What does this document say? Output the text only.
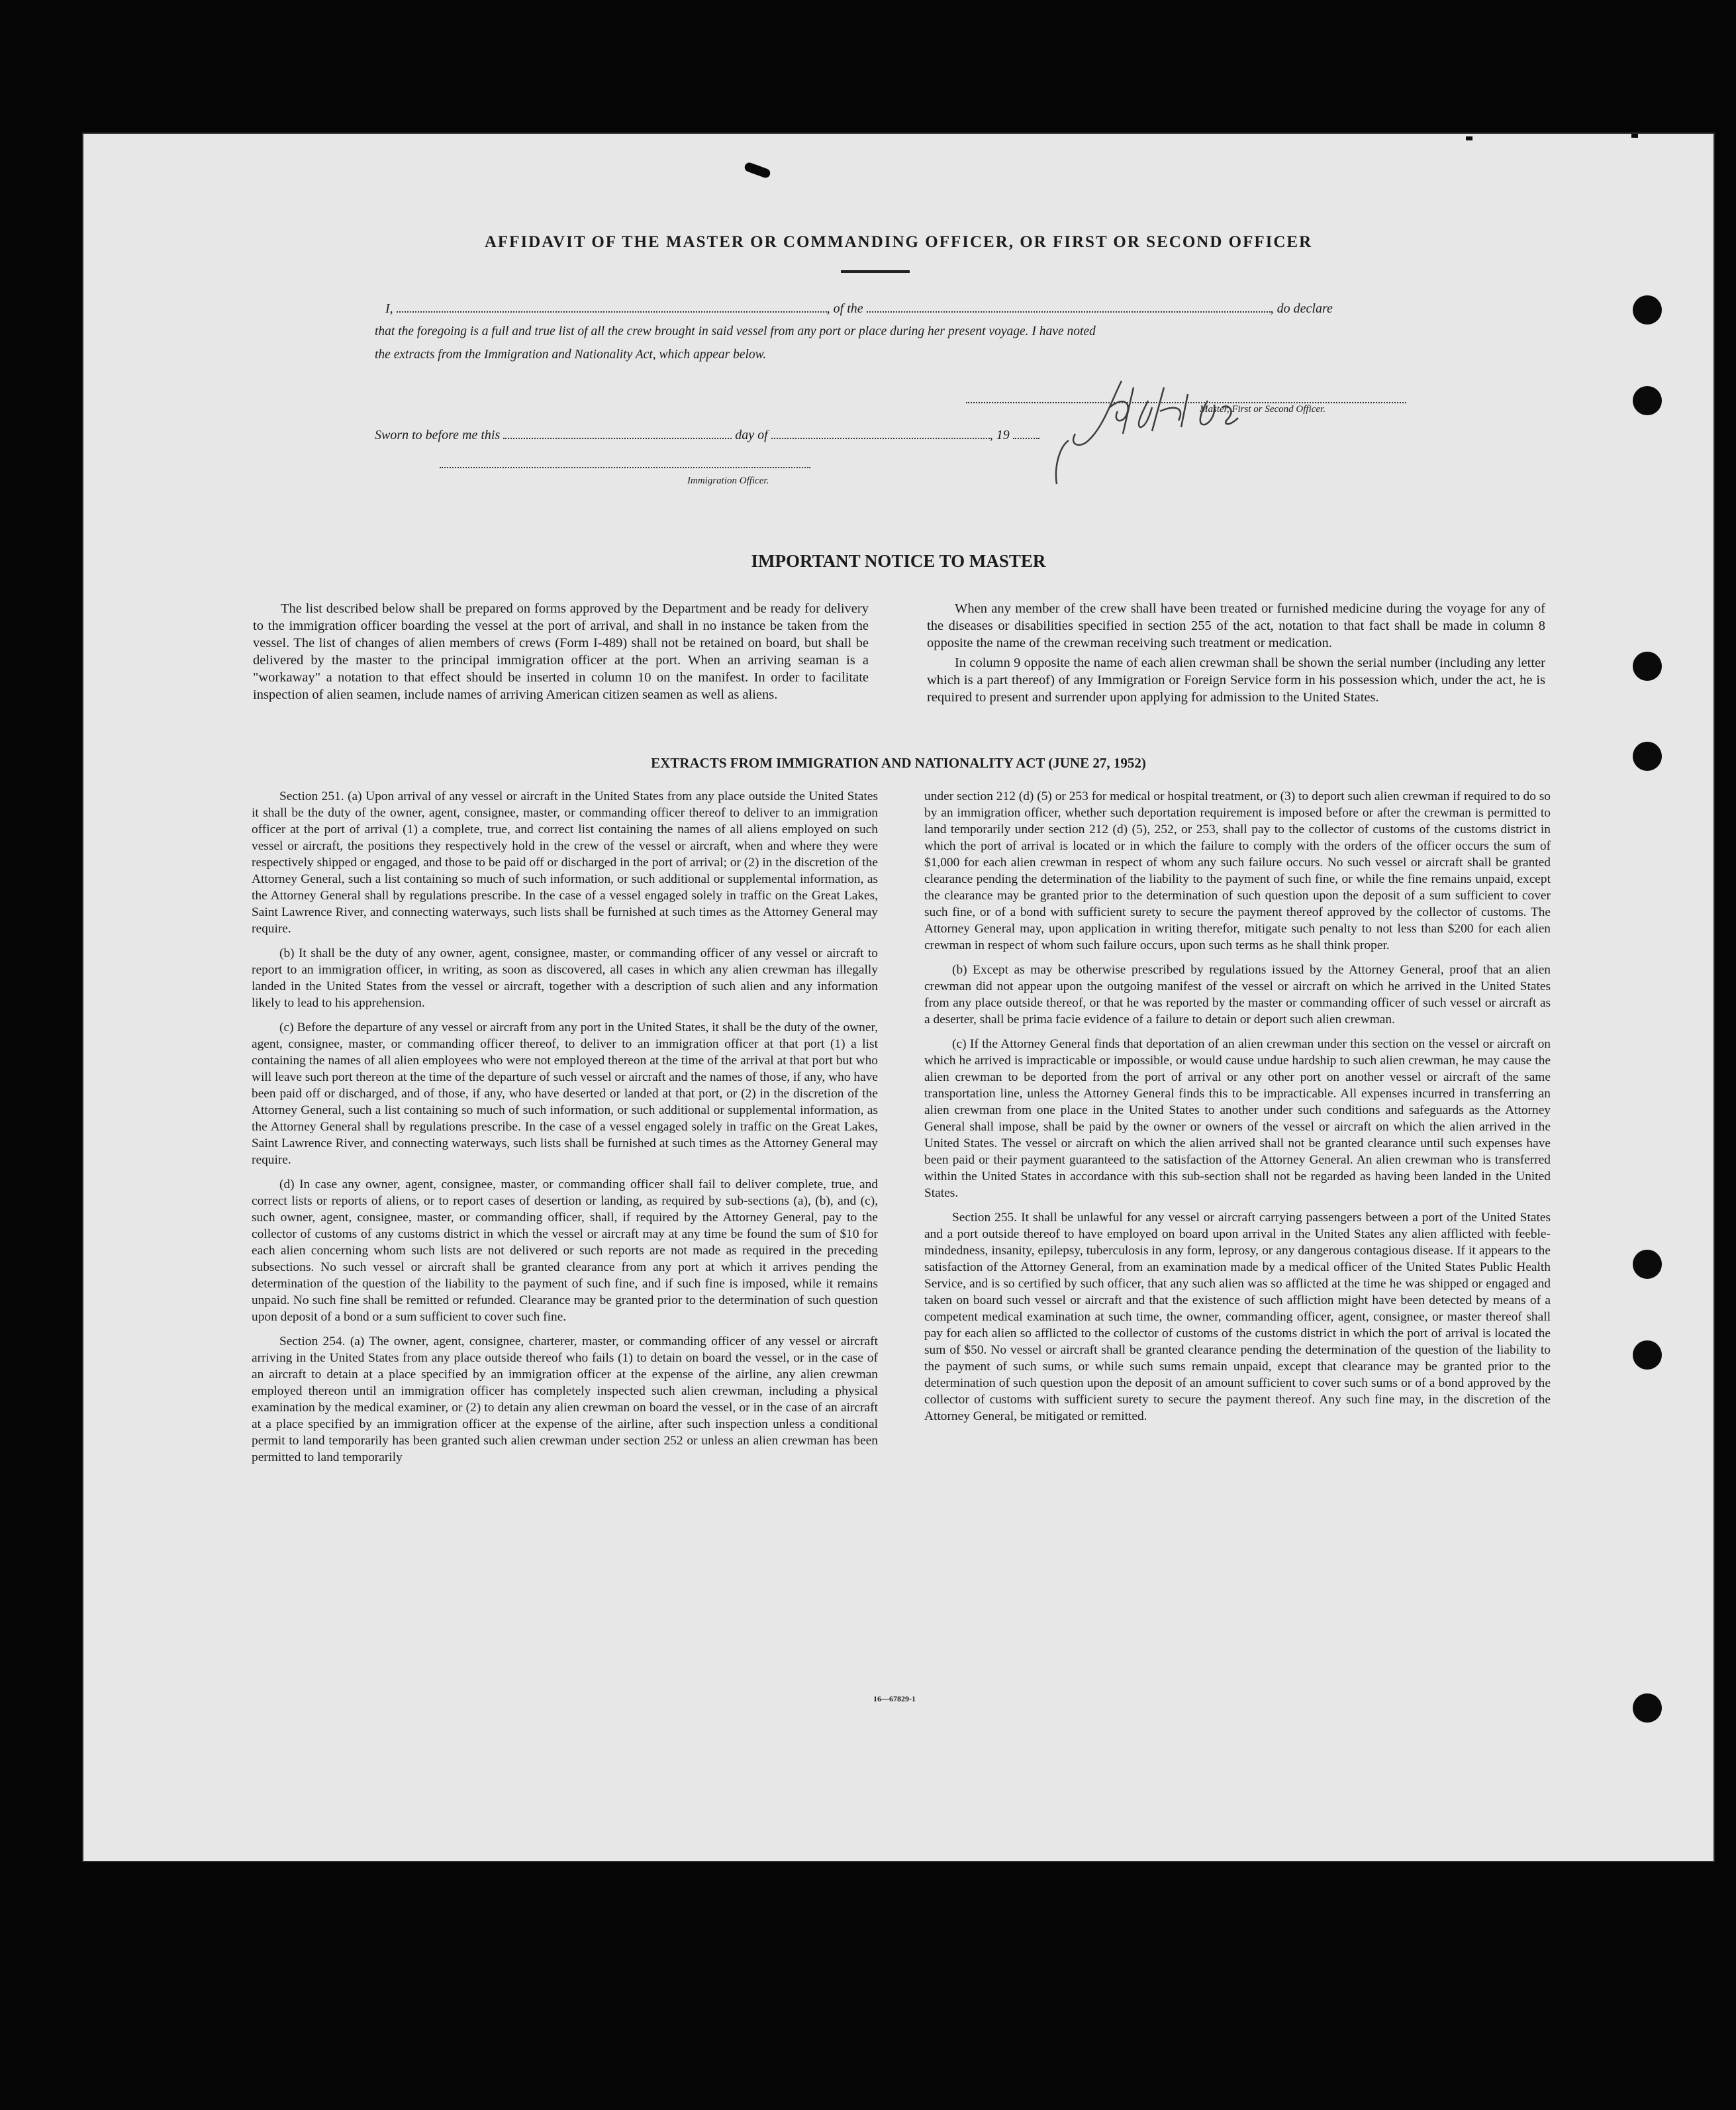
AFFIDAVIT OF THE MASTER OR COMMANDING OFFICER, OR FIRST OR SECOND OFFICER
I,	, of the	, do declare
that the foregoing is a full and true list of all the crew brought in said vessel from any port or place during her present voyage. I have noted
the extracts from the Immigration and Nationality Act, which appear below.
Master, First or Second Officer.
Sworn to before me this	day of	, 19
Immigration Officer.
IMPORTANT NOTICE TO MASTER

The list described below shall be prepared on forms approved by the Department and be ready for delivery to the immigration officer boarding the vessel at the port of arrival, and shall in no instance be taken from the vessel. The list of changes of alien members of crews (Form I-489) shall not be retained on board, but shall be delivered by the master to the principal immigration officer at the port. When an arriving seaman is a "workaway" a notation to that effect should be inserted in column 10 on the manifest. In order to facilitate inspection of alien seamen, include names of arriving American citizen seamen as well as aliens.

When any member of the crew shall have been treated or furnished medicine during the voyage for any of the diseases or disabilities specified in section 255 of the act, notation to that fact shall be made in column 8 opposite the name of the crewman receiving such treatment or medication.

In column 9 opposite the name of each alien crewman shall be shown the serial number (including any letter which is a part thereof) of any Immigration or Foreign Service form in his possession which, under the act, he is required to present and surrender upon applying for admission to the United States.

EXTRACTS FROM IMMIGRATION AND NATIONALITY ACT (JUNE 27, 1952)

Section 251. (a) Upon arrival of any vessel or aircraft in the United States from any place outside the United States it shall be the duty of the owner, agent, consignee, master, or commanding officer thereof to deliver to an immigration officer at the port of arrival (1) a complete, true, and correct list containing the names of all aliens employed on such vessel or aircraft, the positions they respectively hold in the crew of the vessel or aircraft, when and where they were respectively shipped or engaged, and those to be paid off or discharged in the port of arrival; or (2) in the discretion of the Attorney General, such a list containing so much of such information, or such additional or supplemental information, as the Attorney General shall by regulations prescribe. In the case of a vessel engaged solely in traffic on the Great Lakes, Saint Lawrence River, and connecting waterways, such lists shall be furnished at such times as the Attorney General may require.

(b) It shall be the duty of any owner, agent, consignee, master, or commanding officer of any vessel or aircraft to report to an immigration officer, in writing, as soon as discovered, all cases in which any alien crewman has illegally landed in the United States from the vessel or aircraft, together with a description of such alien and any information likely to lead to his apprehension.

(c) Before the departure of any vessel or aircraft from any port in the United States, it shall be the duty of the owner, agent, consignee, master, or commanding officer thereof, to deliver to an immigration officer at that port (1) a list containing the names of all alien employees who were not employed thereon at the time of the arrival at that port but who will leave such port thereon at the time of the departure of such vessel or aircraft and the names of those, if any, who have been paid off or discharged, and of those, if any, who have deserted or landed at that port, or (2) in the discretion of the Attorney General, such a list containing so much of such information, or such additional or supplemental information, as the Attorney General shall by regulations prescribe. In the case of a vessel engaged solely in traffic on the Great Lakes, Saint Lawrence River, and connecting waterways, such lists shall be furnished at such times as the Attorney General may require.

(d) In case any owner, agent, consignee, master, or commanding officer shall fail to deliver complete, true, and correct lists or reports of aliens, or to report cases of desertion or landing, as required by sub-sections (a), (b), and (c), such owner, agent, consignee, master, or commanding officer, shall, if required by the Attorney General, pay to the collector of customs of any customs district in which the vessel or aircraft may at any time be found the sum of $10 for each alien concerning whom such lists are not delivered or such reports are not made as required in the preceding subsections. No such vessel or aircraft shall be granted clearance from any port at which it arrives pending the determination of the question of the liability to the payment of such fine, and if such fine is imposed, while it remains unpaid. No such fine shall be remitted or refunded. Clearance may be granted prior to the determination of such question upon deposit of a bond or a sum sufficient to cover such fine.

Section 254. (a) The owner, agent, consignee, charterer, master, or commanding officer of any vessel or aircraft arriving in the United States from any place outside thereof who fails (1) to detain on board the vessel, or in the case of an aircraft to detain at a place specified by an immigration officer at the expense of the airline, any alien crewman employed thereon until an immigration officer has completely inspected such alien crewman, including a physical examination by the medical examiner, or (2) to detain any alien crewman on board the vessel, or in the case of an aircraft at a place specified by an immigration officer at the expense of the airline, after such inspection unless a conditional permit to land temporarily has been granted such alien crewman under section 252 or unless an alien crewman has been permitted to land temporarily

under section 212 (d) (5) or 253 for medical or hospital treatment, or (3) to deport such alien crewman if required to do so by an immigration officer, whether such deportation requirement is imposed before or after the crewman is permitted to land temporarily under section 212 (d) (5), 252, or 253, shall pay to the collector of customs of the customs district in which the port of arrival is located or in which the failure to comply with the orders of the officer occurs the sum of $1,000 for each alien crewman in respect of whom any such failure occurs. No such vessel or aircraft shall be granted clearance pending the determination of the liability to the payment of such fine, or while the fine remains unpaid, except the clearance may be granted prior to the determination of such question upon the deposit of a sum sufficient to cover such fine, or of a bond with sufficient surety to secure the payment thereof approved by the collector of customs. The Attorney General may, upon application in writing therefor, mitigate such penalty to not less than $200 for each alien crewman in respect of whom such failure occurs, upon such terms as he shall think proper.

(b) Except as may be otherwise prescribed by regulations issued by the Attorney General, proof that an alien crewman did not appear upon the outgoing manifest of the vessel or aircraft on which he arrived in the United States from any place outside thereof, or that he was reported by the master or commanding officer of such vessel or aircraft as a deserter, shall be prima facie evidence of a failure to detain or deport such alien crewman.

(c) If the Attorney General finds that deportation of an alien crewman under this section on the vessel or aircraft on which he arrived is impracticable or impossible, or would cause undue hardship to such alien crewman, he may cause the alien crewman to be deported from the port of arrival or any other port on another vessel or aircraft of the same transportation line, unless the Attorney General finds this to be impracticable. All expenses incurred in transferring an alien crewman from one place in the United States to another under such conditions and safeguards as the Attorney General shall impose, shall be paid by the owner or owners of the vessel or aircraft on which the alien arrived in the United States. The vessel or aircraft on which the alien arrived shall not be granted clearance until such expenses have been paid or their payment guaranteed to the satisfaction of the Attorney General. An alien crewman who is transferred within the United States in accordance with this sub-section shall not be regarded as having been landed in the United States.

Section 255. It shall be unlawful for any vessel or aircraft carrying passengers between a port of the United States and a port outside thereof to have employed on board upon arrival in the United States any alien afflicted with feeble-mindedness, insanity, epilepsy, tuberculosis in any form, leprosy, or any dangerous contagious disease. If it appears to the satisfaction of the Attorney General, from an examination made by a medical officer of the United States Public Health Service, and is so certified by such officer, that any such alien was so afflicted at the time he was shipped or engaged and taken on board such vessel or aircraft and that the existence of such affliction might have been detected by means of a competent medical examination at such time, the owner, commanding officer, agent, consignee, or master thereof shall pay for each alien so afflicted to the collector of customs of the customs district in which the port of arrival is located the sum of $50. No vessel or aircraft shall be granted clearance pending the determination of the question of the liability to the payment of such sums, or while such sums remain unpaid, except that clearance may be granted prior to the determination of such question upon the deposit of an amount sufficient to cover such sums or of a bond approved by the collector of customs with sufficient surety to secure the payment thereof. Any such fine may, in the discretion of the Attorney General, be mitigated or remitted.

16—67829-1
